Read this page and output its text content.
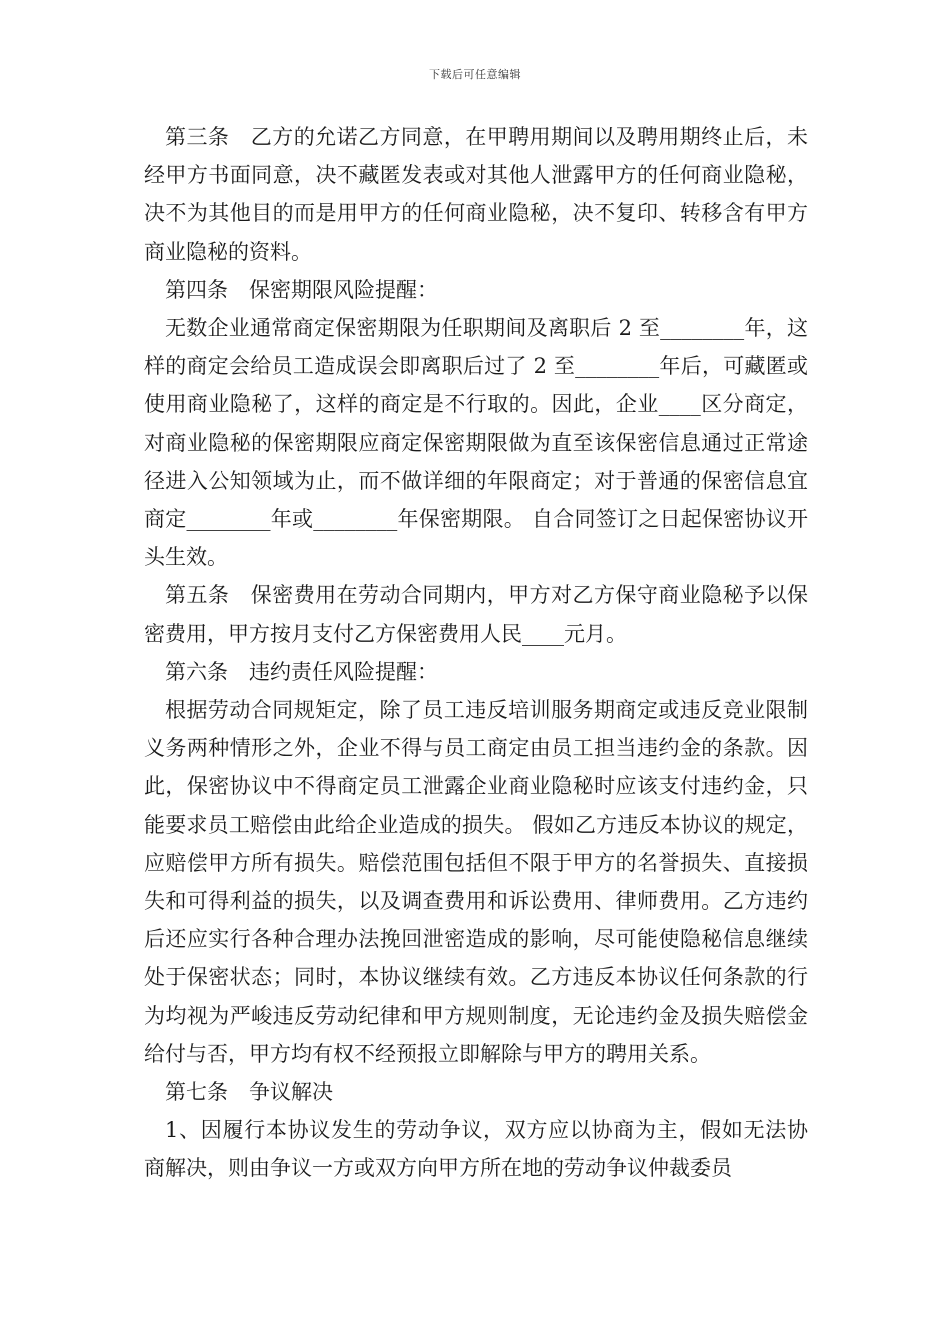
下载后可任意编辑

第三条　乙方的允诺乙方同意，在甲聘用期间以及聘用期终止后，未经甲方书面同意，决不藏匿发表或对其他人泄露甲方的任何商业隐秘，决不为其他目的而是用甲方的任何商业隐秘，决不复印、转移含有甲方商业隐秘的资料。

第四条　保密期限风险提醒：

无数企业通常商定保密期限为任职期间及离职后 2 至________年，这样的商定会给员工造成误会即离职后过了 2 至________年后，可藏匿或使用商业隐秘了，这样的商定是不行取的。因此，企业____区分商定，对商业隐秘的保密期限应商定保密期限做为直至该保密信息通过正常途径进入公知领域为止，而不做详细的年限商定；对于普通的保密信息宜商定________年或________年保密期限。 自合同签订之日起保密协议开头生效。

第五条　保密费用在劳动合同期内，甲方对乙方保守商业隐秘予以保密费用，甲方按月支付乙方保密费用人民____元月。

第六条　违约责任风险提醒：

根据劳动合同规矩定，除了员工违反培训服务期商定或违反竞业限制义务两种情形之外，企业不得与员工商定由员工担当违约金的条款。因此，保密协议中不得商定员工泄露企业商业隐秘时应该支付违约金，只能要求员工赔偿由此给企业造成的损失。 假如乙方违反本协议的规定，应赔偿甲方所有损失。赔偿范围包括但不限于甲方的名誉损失、直接损失和可得利益的损失，以及调查费用和诉讼费用、律师费用。乙方违约后还应实行各种合理办法挽回泄密造成的影响，尽可能使隐秘信息继续处于保密状态；同时，本协议继续有效。乙方违反本协议任何条款的行为均视为严峻违反劳动纪律和甲方规则制度，无论违约金及损失赔偿金给付与否，甲方均有权不经预报立即解除与甲方的聘用关系。

第七条　争议解决

1、因履行本协议发生的劳动争议，双方应以协商为主，假如无法协商解决，则由争议一方或双方向甲方所在地的劳动争议仲裁委员
